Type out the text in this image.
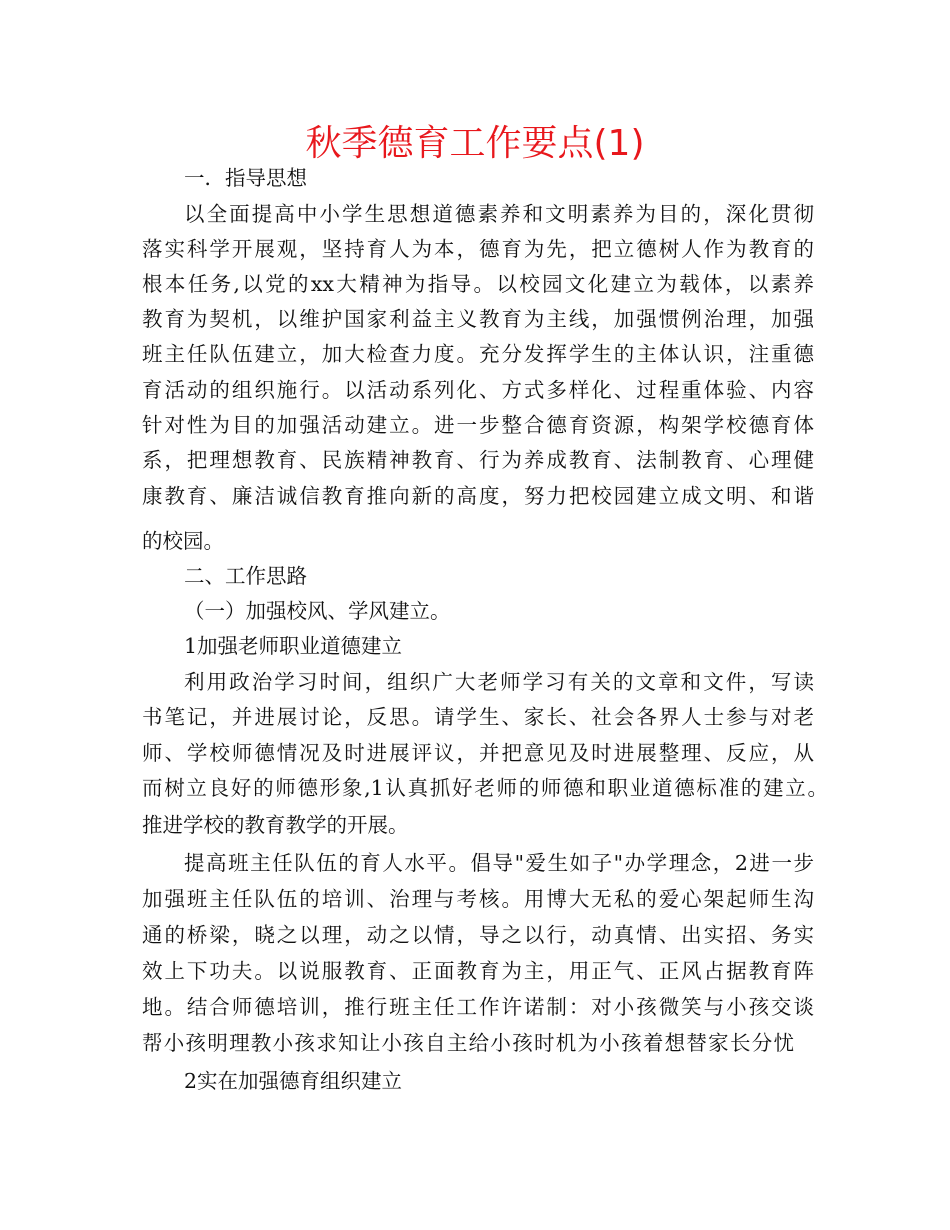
秋季德育工作要点(1)
一．指导思想
以全面提高中小学生思想道德素养和文明素养为目的，深化贯彻
落实科学开展观，坚持育人为本，德育为先，把立德树人作为教育的
根本任务,以党的xx大精神为指导。以校园文化建立为载体，以素养
教育为契机，以维护国家利益主义教育为主线，加强惯例治理，加强
班主任队伍建立，加大检查力度。充分发挥学生的主体认识，注重德
育活动的组织施行。以活动系列化、方式多样化、过程重体验、内容
针对性为目的加强活动建立。进一步整合德育资源，构架学校德育体
系，把理想教育、民族精神教育、行为养成教育、法制教育、心理健
康教育、廉洁诚信教育推向新的高度，努力把校园建立成文明、和谐
的校园。
二、工作思路
（一）加强校风、学风建立。
1加强老师职业道德建立
利用政治学习时间，组织广大老师学习有关的文章和文件，写读
书笔记，并进展讨论，反思。请学生、家长、社会各界人士参与对老
师、学校师德情况及时进展评议，并把意见及时进展整理、反应，从
而树立良好的师德形象,1认真抓好老师的师德和职业道德标准的建立。
推进学校的教育教学的开展。
提高班主任队伍的育人水平。倡导"爱生如子"办学理念，2进一步
加强班主任队伍的培训、治理与考核。用博大无私的爱心架起师生沟
通的桥梁，晓之以理，动之以情，导之以行，动真情、出实招、务实
效上下功夫。以说服教育、正面教育为主，用正气、正风占据教育阵
地。结合师德培训，推行班主任工作许诺制：对小孩微笑与小孩交谈
帮小孩明理教小孩求知让小孩自主给小孩时机为小孩着想替家长分忧
2实在加强德育组织建立
